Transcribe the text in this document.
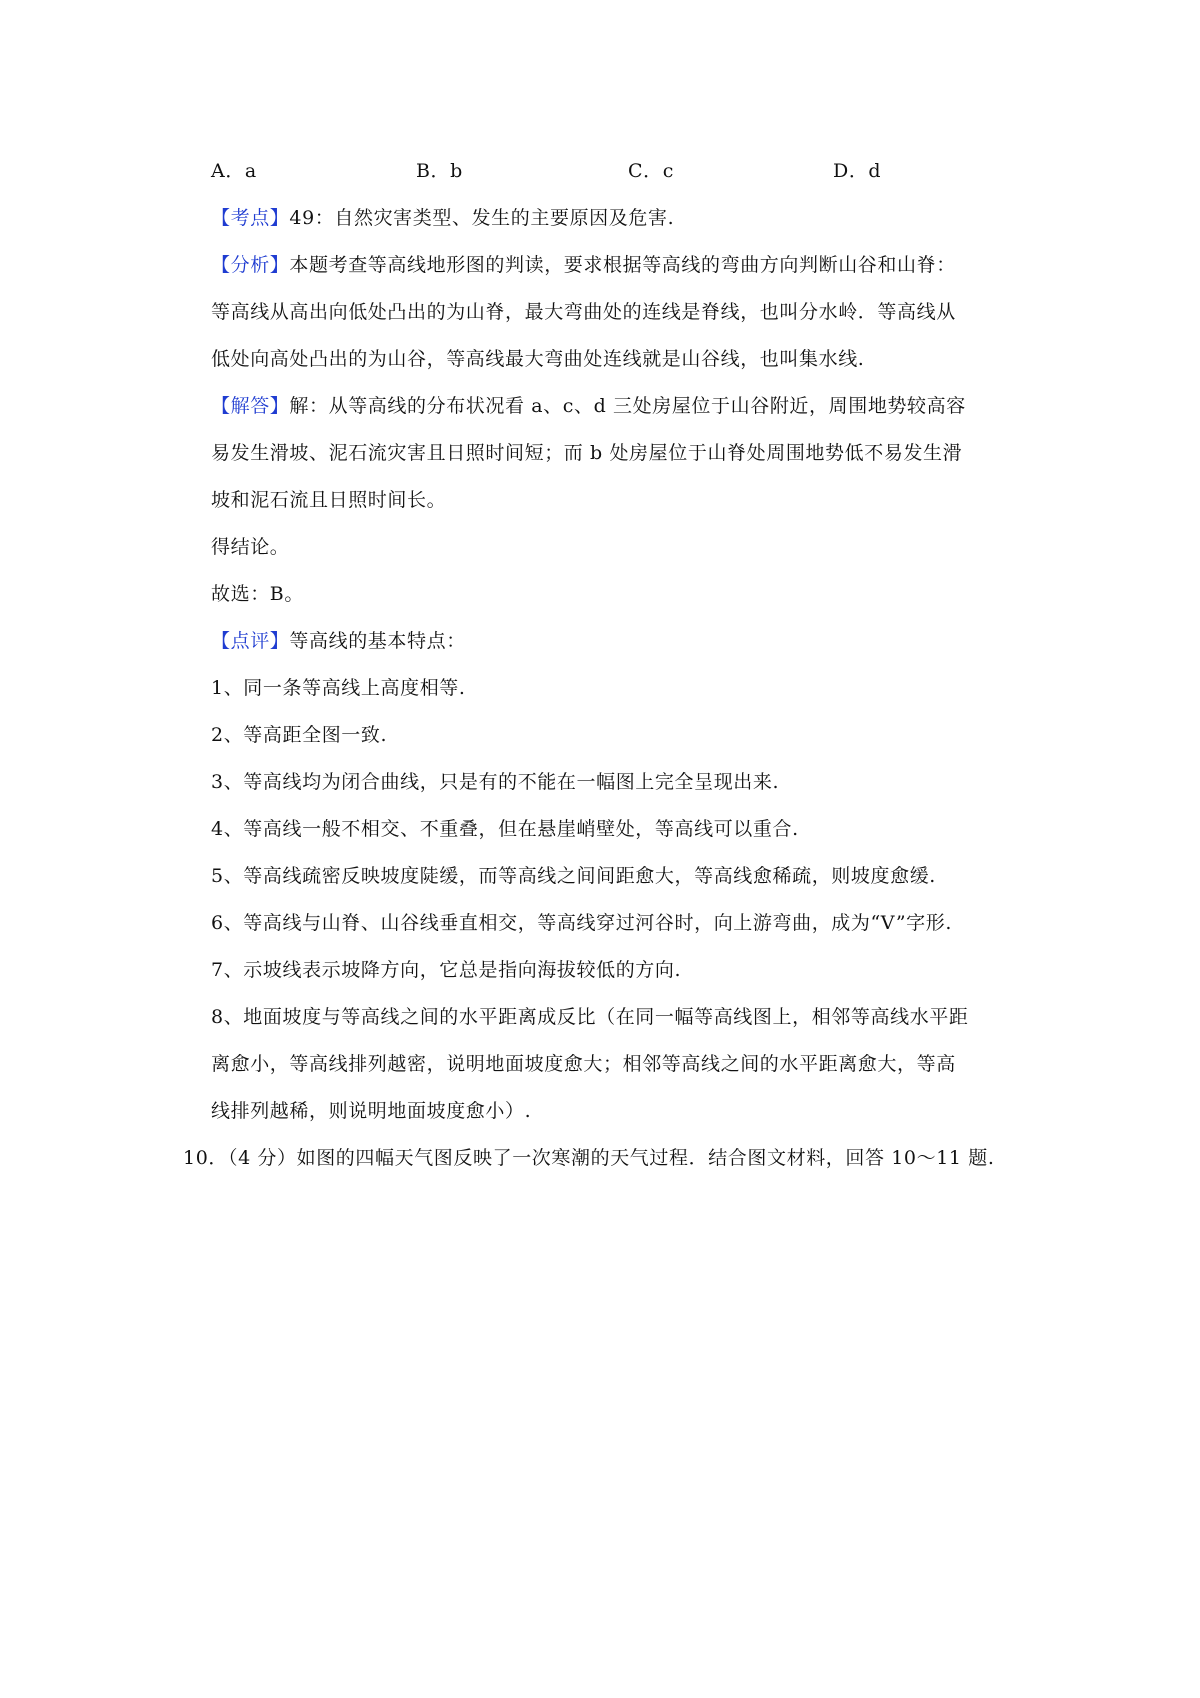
A．a	B．b	C．c	D．d
【考点】49：自然灾害类型、发生的主要原因及危害.
【分析】本题考查等高线地形图的判读，要求根据等高线的弯曲方向判断山谷和山脊：
等高线从高出向低处凸出的为山脊，最大弯曲处的连线是脊线，也叫分水岭．等高线从
低处向高处凸出的为山谷，等高线最大弯曲处连线就是山谷线，也叫集水线.
【解答】解：从等高线的分布状况看 a、c、d 三处房屋位于山谷附近，周围地势较高容
易发生滑坡、泥石流灾害且日照时间短；而 b 处房屋位于山脊处周围地势低不易发生滑
坡和泥石流且日照时间长。
得结论。
故选：B。
【点评】等高线的基本特点：
1、同一条等高线上高度相等.
2、等高距全图一致.
3、等高线均为闭合曲线，只是有的不能在一幅图上完全呈现出来.
4、等高线一般不相交、不重叠，但在悬崖峭壁处，等高线可以重合.
5、等高线疏密反映坡度陡缓，而等高线之间间距愈大，等高线愈稀疏，则坡度愈缓.
6、等高线与山脊、山谷线垂直相交，等高线穿过河谷时，向上游弯曲，成为“V”字形.
7、示坡线表示坡降方向，它总是指向海拔较低的方向.
8、地面坡度与等高线之间的水平距离成反比（在同一幅等高线图上，相邻等高线水平距
离愈小，等高线排列越密，说明地面坡度愈大；相邻等高线之间的水平距离愈大，等高
线排列越稀，则说明地面坡度愈小）.
10．（4 分）如图的四幅天气图反映了一次寒潮的天气过程．结合图文材料，回答 10～11 题.
